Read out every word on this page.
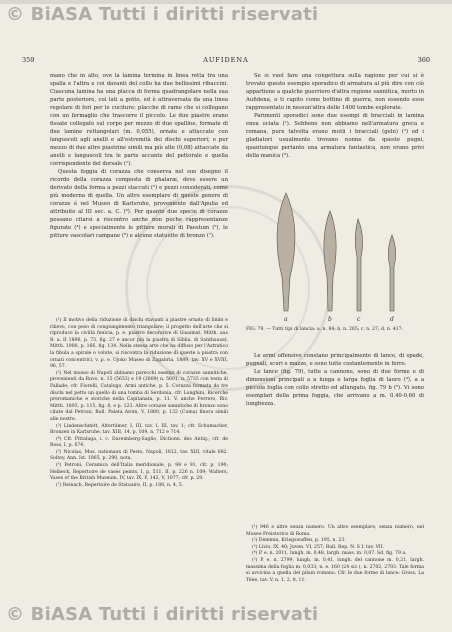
© BiASA Tutti i diritti riservati
359	AUFIDENA	360

mano che in alto, ove la lamina termina in linea retta tra una spalla e l'altra e coi davanti del collo ha due bellissimi ribaccini. Ciascuna lamina ha una placca di forma quadrangolare nella sua parte posteriore, coi lati a gotto, ed è attraversata da una linea regolare di fori per le cuciture: placche di rame che si collegano con un fermaglio che trascorre il piccolo. Le due piastre erano fissate collegate sul corpo per mezzo di due spalline, formate di due lamine rettangolari (m. 0,055), ornate e attaccate con languscoli agli anelli e all'estremità dei dischi superiori; e per mezzo di due altre piastrine simili ma più alte (0,08) attaccate da anelli e languscoli tra le parte accante del pettorale e quella corrispondente del dorsale (¹).

Questa foggia di corazza che conserva nel suo disegno il ricordo della corazza composta di phalaræ, deve essere un derivato della forma a pezzi staccati (²) e pezzi considerati, come più moderna di quella. Un altro esemplare di queste genere di corazze è nel Museo di Karlsruhe, proveniente dall'Apulia ed attribuito al III sec. a. C. (³). Per quanto due specie di corazze possano citarsi a riscontro anche non poche rappresentanze figurate (⁴) e specialmente le pitture murali di Paestum (⁵), le pitture vascolari campane (⁶) e alcune statuette di bronzo (⁷).

(¹) Il motivo della riduzione di dischi stavanti a piastre ornato di limbi e rilievo, con peso di congiungimento triangolare; il progetto dell'arte che si riproduce la civiltà fenicia, p. e. piastre decorative di Gisaimat, Mitth. aus B. a. II 1896, p. 73, fig. 27 e ancor più la piastra di Siblia, di Santhausat, Mitth. 1900, p. 166, fig. 134. Nella stessa arte che ha diffuso per l'Astratico la fibula a spirale o volute, si riscontra la riduzione di queste a piastra con ornati concentrici, v. p. e. Ujoko Museo di Zagabria, 1889, tav. XV e XVIII, 96, 57.

(²) Nel museo di Napoli abbiamo parecchi esempi di corazze sannitiche, provenienti da Ruvo, n. 15 (5653) e 19 (2809) n. 5691, n. 5735 con testa di Pallade; cfr. Fiorelli, Catalogo, Armi antiche, p. 5. Corazza formata da tre dischi nel petto un quello di una tomba di Serdonia, cfr. Longhini, Ricerche preromaniche e storiche nella Capitanata, p. 11. V. anche Ferrero, Riv. Mitth. 1893, p. 115, fig. 8, e p. 123. Altre corazze sannitiche di bronzo sono citate dal Petroni, Bull. Paleta Arom. V, 1880, p. 132 (Cuma) finora simili alle nostre.

(³) Lindenschmitt, Altertümer, I, III, tav. I, III, tav. 1; cfr. Schumacher, Bronzen in Karlsruhe, tav. XIII, 14, p. 109, n. 712 e 714.

(⁴) Cfr. Pittaluga, i. c. Dareimberg-Saglio, Dictionn. des Antiq.; cfr. de Ross, I, p. 674.

(⁵) Nicolas, Mus. nationaux di Pesto, Napoli, 1812, tav. XIII, vitale 682. Soltey, Ann. Ist. 1865, p. 290, nota.

(⁶) Petroni, Ceramica dell'Italia meridionale, p. 98 e 91, cfr. p. 190; Helbeck, Repertoire de vases peints, I, p. 511, II, p. 226 n. 109; Walters, Vases of the British Museum, IV, tav. IX, F, 142, V, 1077; cfr. p. 29.

(⁷) Reinach, Repertoire de Statuaire, II, p. 188, n. 4, 5.

Se si vuol fare una congettura sulla ragione per cui si è trovato questo esempio sporadico di armatura al più dire con ciò appartiene a qualche guerriero d'altra regione sannitica, morto in Aufidena, o ti capito come bottino di guerra, non essendo esso rappresentato in nessun'altra delle 1400 tombe esplorate.

Parimenti sporadici sono due esempi di bracciali in lamina enea ociata (¹). Sebbene non abbiamo nell'armatura greca e romana, pure talvolta erano mutii i bracciali (geln) (²) ed i gladiatori usualmente trovano nonne da queste pugni, quantunque pertanto una armatura fantastica, non erano privi della manica (³).

a	b	c	d
FIG. 79. — Tutti tipi di lancia: a, n. 84; b, n. 265; c, n. 27; d, n. 417.

Le armi offensive constano principalmente di lance, di spade, pugnali, scuri e mazze, e sono tutte costantemente in ferro.

Le lance (fig. 79), tutte a cannone, sono di due forme e di dimensioni principali a a lunga e larga foglia di lauro (⁴), a a piccola foglia con collo stretto ed allungato, fig. 79 b (⁵). Vi sono esemplari della prima foggia, che arrivano a m. 0,40-0,60 di lunghezza.

(¹) 946 e altre senza numero. Un altro esemplare, senza numero, nel Museo Preistorico di Roma.

(²) Demmin, Kriegswaffen, p. 195, n. 23.

(³) Livio, IX, 40; Juven. VI, 257; Bull. Rep. N. S I. tav. VII.

(⁴) P. e. n. 2011, lungh. m. 0,48, largh. mass. m. 0,07. Sd. fig. 79 a.

(⁵) P. e. n. 2799, lungh. m. 0,41, lungh. del cannone m. 0,21, largh. massima della foglia m. 0,033; n. e. 160 (24 sic.), n. 2702, 2703. Tale forma si avvicina a quella del pilum romano. Cfr. le due forme di lance: Gross, La Tène, tav. V, n. 1, 2, 8, 11.

© BiASA Tutti i diritti riservati
